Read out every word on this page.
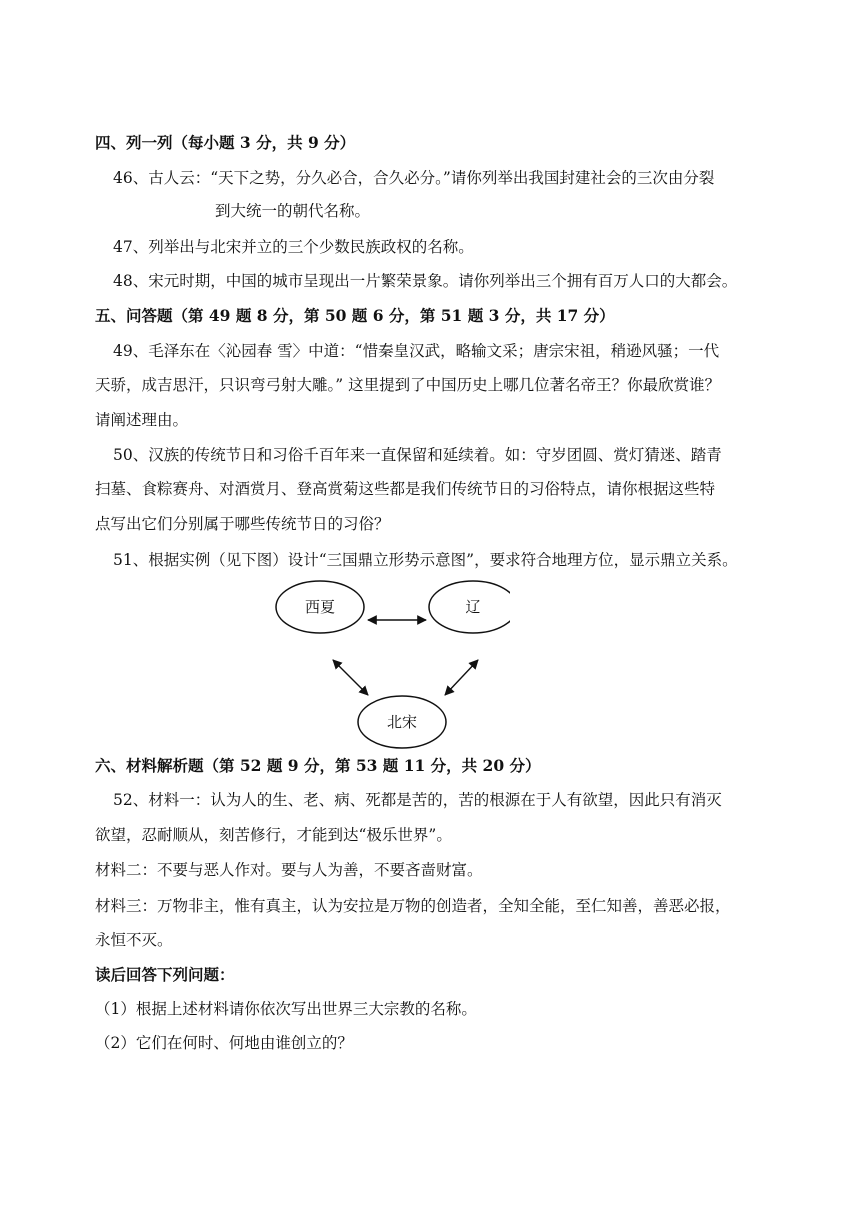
四、列一列（每小题 3 分，共 9 分）
46、古人云：“天下之势，分久必合，合久必分。”请你列举出我国封建社会的三次由分裂
到大统一的朝代名称。
47、列举出与北宋并立的三个少数民族政权的名称。
48、宋元时期，中国的城市呈现出一片繁荣景象。请你列举出三个拥有百万人口的大都会。
五、问答题（第 49 题 8 分，第 50 题 6 分，第 51 题 3 分，共 17 分）
49、毛泽东在〈沁园春 雪〉中道：“惜秦皇汉武，略输文采；唐宗宋祖，稍逊风骚；一代
天骄，成吉思汗，只识弯弓射大雕。” 这里提到了中国历史上哪几位著名帝王？你最欣赏谁？
请阐述理由。
50、汉族的传统节日和习俗千百年来一直保留和延续着。如：守岁团圆、赏灯猜迷、踏青
扫墓、食粽赛舟、对酒赏月、登高赏菊这些都是我们传统节日的习俗特点，请你根据这些特
点写出它们分别属于哪些传统节日的习俗？
51、根据实例（见下图）设计“三国鼎立形势示意图”，要求符合地理方位，显示鼎立关系。
西夏	辽
北宋
六、材料解析题（第 52 题 9 分，第 53 题 11 分，共 20 分）
52、材料一：认为人的生、老、病、死都是苦的，苦的根源在于人有欲望，因此只有消灭
欲望，忍耐顺从，刻苦修行，才能到达“极乐世界”。
材料二：不要与恶人作对。要与人为善，不要吝啬财富。
材料三：万物非主，惟有真主，认为安拉是万物的创造者，全知全能，至仁知善，善恶必报，
永恒不灭。
读后回答下列问题：
（1）根据上述材料请你依次写出世界三大宗教的名称。
（2）它们在何时、何地由谁创立的？
